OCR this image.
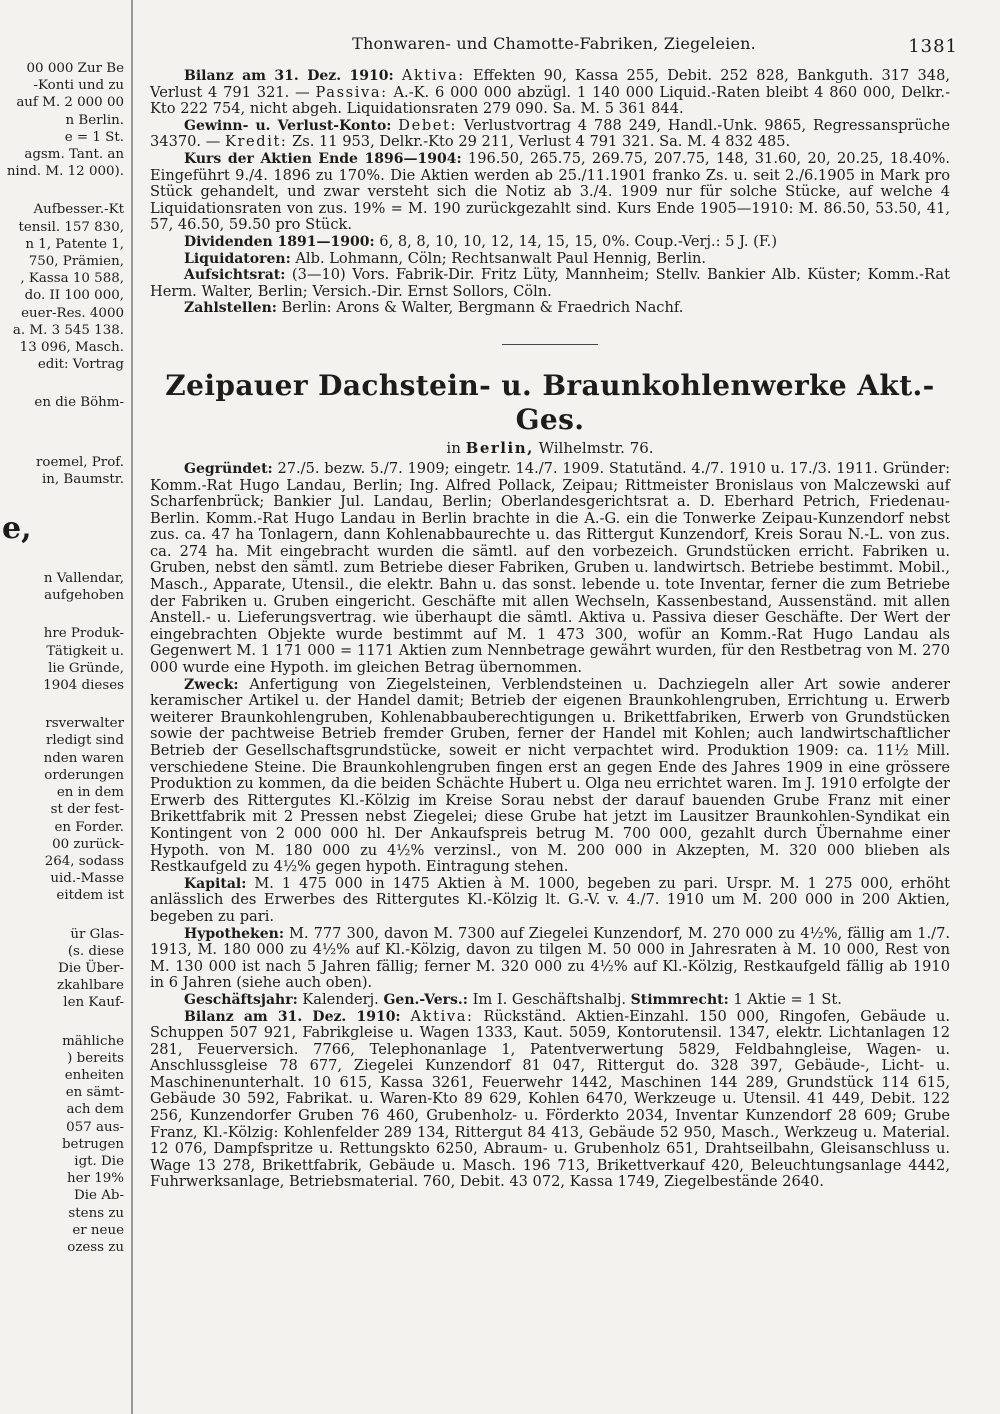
00 000 Zur Be
-Konti und zu
auf M. 2 000 00
n Berlin.
e = 1 St.
agsm. Tant. an
nind. M. 12 000).
Aufbesser.-Kt
tensil. 157 830,
n 1, Patente 1,
750, Prämien,
, Kassa 10 588,
do. II 100 000,
euer-Res. 4000
a. M. 3 545 138.
13 096, Masch.
edit: Vortrag
en die Böhm-
roemel, Prof.
in, Baumstr.
e,
n Vallendar,
aufgehoben
hre Produk-
Tätigkeit u.
lie Gründe,
1904 dieses
rsverwalter
rledigt sind
nden waren
orderungen
en in dem
st der fest-
en Forder.
00 zurück-
264, sodass
uid.-Masse
eitdem ist
ür Glas-
(s. diese
Die Über-
zkahlbare
len Kauf-
mähliche
) bereits
enheiten
en sämt-
ach dem
057 aus-
betrugen
igt. Die
her 19%
Die Ab-
stens zu
er neue
ozess zu
Thonwaren- und Chamotte-Fabriken, Ziegeleien.	1381

Bilanz am 31. Dez. 1910: Aktiva: Effekten 90, Kassa 255, Debit. 252 828, Bankguth. 317 348, Verlust 4 791 321. — Passiva: A.-K. 6 000 000 abzügl. 1 140 000 Liquid.-Raten bleibt 4 860 000, Delkr.-Kto 222 754, nicht abgeh. Liquidationsraten 279 090. Sa. M. 5 361 844.

Gewinn- u. Verlust-Konto: Debet: Verlustvortrag 4 788 249, Handl.-Unk. 9865, Regressansprüche 34370. — Kredit: Zs. 11 953, Delkr.-Kto 29 211, Verlust 4 791 321. Sa. M. 4 832 485.

Kurs der Aktien Ende 1896—1904: 196.50, 265.75, 269.75, 207.75, 148, 31.60, 20, 20.25, 18.40%. Eingeführt 9./4. 1896 zu 170%. Die Aktien werden ab 25./11.1901 franko Zs. u. seit 2./6.1905 in Mark pro Stück gehandelt, und zwar versteht sich die Notiz ab 3./4. 1909 nur für solche Stücke, auf welche 4 Liquidationsraten von zus. 19% = M. 190 zurückgezahlt sind. Kurs Ende 1905—1910: M. 86.50, 53.50, 41, 57, 46.50, 59.50 pro Stück.

Dividenden 1891—1900: 6, 8, 8, 10, 10, 12, 14, 15, 15, 0%. Coup.-Verj.: 5 J. (F.)

Liquidatoren: Alb. Lohmann, Cöln; Rechtsanwalt Paul Hennig, Berlin.

Aufsichtsrat: (3—10) Vors. Fabrik-Dir. Fritz Lüty, Mannheim; Stellv. Bankier Alb. Küster; Komm.-Rat Herm. Walter, Berlin; Versich.-Dir. Ernst Sollors, Cöln.

Zahlstellen: Berlin: Arons & Walter, Bergmann & Fraedrich Nachf.

Zeipauer Dachstein- u. Braunkohlenwerke Akt.-Ges.
in Berlin, Wilhelmstr. 76.

Gegründet: 27./5. bezw. 5./7. 1909; eingetr. 14./7. 1909. Statutänd. 4./7. 1910 u. 17./3. 1911. Gründer: Komm.-Rat Hugo Landau, Berlin; Ing. Alfred Pollack, Zeipau; Rittmeister Bronislaus von Malczewski auf Scharfenbrück; Bankier Jul. Landau, Berlin; Oberlandesgerichtsrat a. D. Eberhard Petrich, Friedenau-Berlin. Komm.-Rat Hugo Landau in Berlin brachte in die A.-G. ein die Tonwerke Zeipau-Kunzendorf nebst zus. ca. 47 ha Tonlagern, dann Kohlenabbaurechte u. das Rittergut Kunzendorf, Kreis Sorau N.-L. von zus. ca. 274 ha. Mit eingebracht wurden die sämtl. auf den vorbezeich. Grundstücken erricht. Fabriken u. Gruben, nebst den sämtl. zum Betriebe dieser Fabriken, Gruben u. landwirtsch. Betriebe bestimmt. Mobil., Masch., Apparate, Utensil., die elektr. Bahn u. das sonst. lebende u. tote Inventar, ferner die zum Betriebe der Fabriken u. Gruben eingericht. Geschäfte mit allen Wechseln, Kassenbestand, Aussenständ. mit allen Anstell.- u. Lieferungsvertrag. wie überhaupt die sämtl. Aktiva u. Passiva dieser Geschäfte. Der Wert der eingebrachten Objekte wurde bestimmt auf M. 1 473 300, wofür an Komm.-Rat Hugo Landau als Gegenwert M. 1 171 000 = 1171 Aktien zum Nennbetrage gewährt wurden, für den Restbetrag von M. 270 000 wurde eine Hypoth. im gleichen Betrag übernommen.

Zweck: Anfertigung von Ziegelsteinen, Verblendsteinen u. Dachziegeln aller Art sowie anderer keramischer Artikel u. der Handel damit; Betrieb der eigenen Braunkohlengruben, Errichtung u. Erwerb weiterer Braunkohlengruben, Kohlenabbauberechtigungen u. Brikettfabriken, Erwerb von Grundstücken sowie der pachtweise Betrieb fremder Gruben, ferner der Handel mit Kohlen; auch landwirtschaftlicher Betrieb der Gesellschaftsgrundstücke, soweit er nicht verpachtet wird. Produktion 1909: ca. 11½ Mill. verschiedene Steine. Die Braunkohlengruben fingen erst an gegen Ende des Jahres 1909 in eine grössere Produktion zu kommen, da die beiden Schächte Hubert u. Olga neu errichtet waren. Im J. 1910 erfolgte der Erwerb des Rittergutes Kl.-Kölzig im Kreise Sorau nebst der darauf bauenden Grube Franz mit einer Brikettfabrik mit 2 Pressen nebst Ziegelei; diese Grube hat jetzt im Lausitzer Braunkohlen-Syndikat ein Kontingent von 2 000 000 hl. Der Ankaufspreis betrug M. 700 000, gezahlt durch Übernahme einer Hypoth. von M. 180 000 zu 4½% verzinsl., von M. 200 000 in Akzepten, M. 320 000 blieben als Restkaufgeld zu 4½% gegen hypoth. Eintragung stehen.

Kapital: M. 1 475 000 in 1475 Aktien à M. 1000, begeben zu pari. Urspr. M. 1 275 000, erhöht anlässlich des Erwerbes des Rittergutes Kl.-Kölzig lt. G.-V. v. 4./7. 1910 um M. 200 000 in 200 Aktien, begeben zu pari.

Hypotheken: M. 777 300, davon M. 7300 auf Ziegelei Kunzendorf, M. 270 000 zu 4½%, fällig am 1./7. 1913, M. 180 000 zu 4½% auf Kl.-Kölzig, davon zu tilgen M. 50 000 in Jahresraten à M. 10 000, Rest von M. 130 000 ist nach 5 Jahren fällig; ferner M. 320 000 zu 4½% auf Kl.-Kölzig, Restkaufgeld fällig ab 1910 in 6 Jahren (siehe auch oben).

Geschäftsjahr: Kalenderj. Gen.-Vers.: Im I. Geschäftshalbj. Stimmrecht: 1 Aktie = 1 St.

Bilanz am 31. Dez. 1910: Aktiva: Rückständ. Aktien-Einzahl. 150 000, Ringofen, Gebäude u. Schuppen 507 921, Fabrikgleise u. Wagen 1333, Kaut. 5059, Kontorutensil. 1347, elektr. Lichtanlagen 12 281, Feuerversich. 7766, Telephonanlage 1, Patentverwertung 5829, Feldbahngleise, Wagen- u. Anschlussgleise 78 677, Ziegelei Kunzendorf 81 047, Rittergut do. 328 397, Gebäude-, Licht- u. Maschinenunterhalt. 10 615, Kassa 3261, Feuerwehr 1442, Maschinen 144 289, Grundstück 114 615, Gebäude 30 592, Fabrikat. u. Waren-Kto 89 629, Kohlen 6470, Werkzeuge u. Utensil. 41 449, Debit. 122 256, Kunzendorfer Gruben 76 460, Grubenholz- u. Förderkto 2034, Inventar Kunzendorf 28 609; Grube Franz, Kl.-Kölzig: Kohlenfelder 289 134, Rittergut 84 413, Gebäude 52 950, Masch., Werkzeug u. Material. 12 076, Dampfspritze u. Rettungskto 6250, Abraum- u. Grubenholz 651, Drahtseilbahn, Gleisanschluss u. Wage 13 278, Brikettfabrik, Gebäude u. Masch. 196 713, Brikettverkauf 420, Beleuchtungsanlage 4442, Fuhrwerksanlage, Betriebsmaterial. 760, Debit. 43 072, Kassa 1749, Ziegelbestände 2640.
